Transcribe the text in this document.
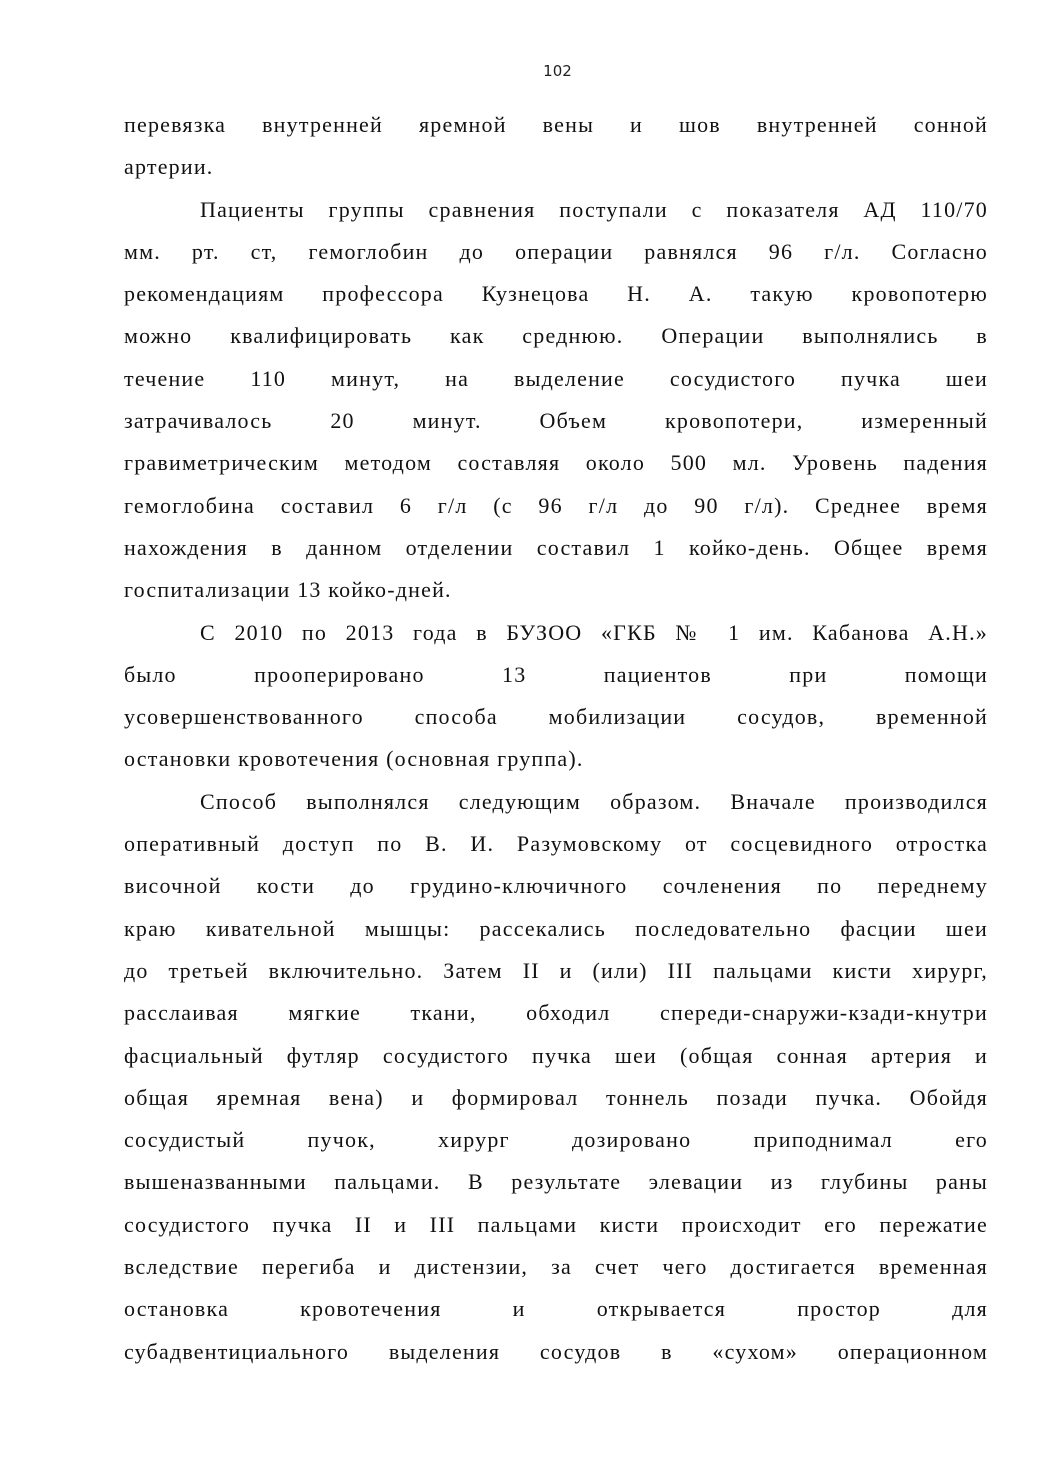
102
перевязка внутренней яремной вены и шов внутренней сонной
артерии.
Пациенты группы сравнения поступали с показателя АД 110/70
мм. рт. ст, гемоглобин до операции равнялся 96 г/л. Согласно
рекомендациям профессора Кузнецова Н. А. такую кровопотерю
можно квалифицировать как среднюю. Операции выполнялись в
течение 110 минут, на выделение сосудистого пучка шеи
затрачивалось 20 минут. Объем кровопотери, измеренный
гравиметрическим методом составляя около 500 мл. Уровень падения
гемоглобина составил 6 г/л (с 96 г/л до 90 г/л). Среднее время
нахождения в данном отделении составил 1 койко-день. Общее время
госпитализации 13 койко-дней.
С 2010 по 2013 года в БУЗОО «ГКБ № 1 им. Кабанова А.Н.»
было прооперировано 13 пациентов при помощи
усовершенствованного способа мобилизации сосудов, временной
остановки кровотечения (основная группа).
Способ выполнялся следующим образом. Вначале производился
оперативный доступ по В. И. Разумовскому от сосцевидного отростка
височной кости до грудино-ключичного сочленения по переднему
краю кивательной мышцы: рассекались последовательно фасции шеи
до третьей включительно. Затем II и (или) III пальцами кисти хирург,
расслаивая мягкие ткани, обходил спереди-снаружи-кзади-кнутри
фасциальный футляр сосудистого пучка шеи (общая сонная артерия и
общая яремная вена) и формировал тоннель позади пучка. Обойдя
сосудистый пучок, хирург дозировано приподнимал его
вышеназванными пальцами. В результате элевации из глубины раны
сосудистого пучка II и III пальцами кисти происходит его пережатие
вследствие перегиба и дистензии, за счет чего достигается временная
остановка кровотечения и открывается простор для
субадвентициального выделения сосудов в «сухом» операционном
